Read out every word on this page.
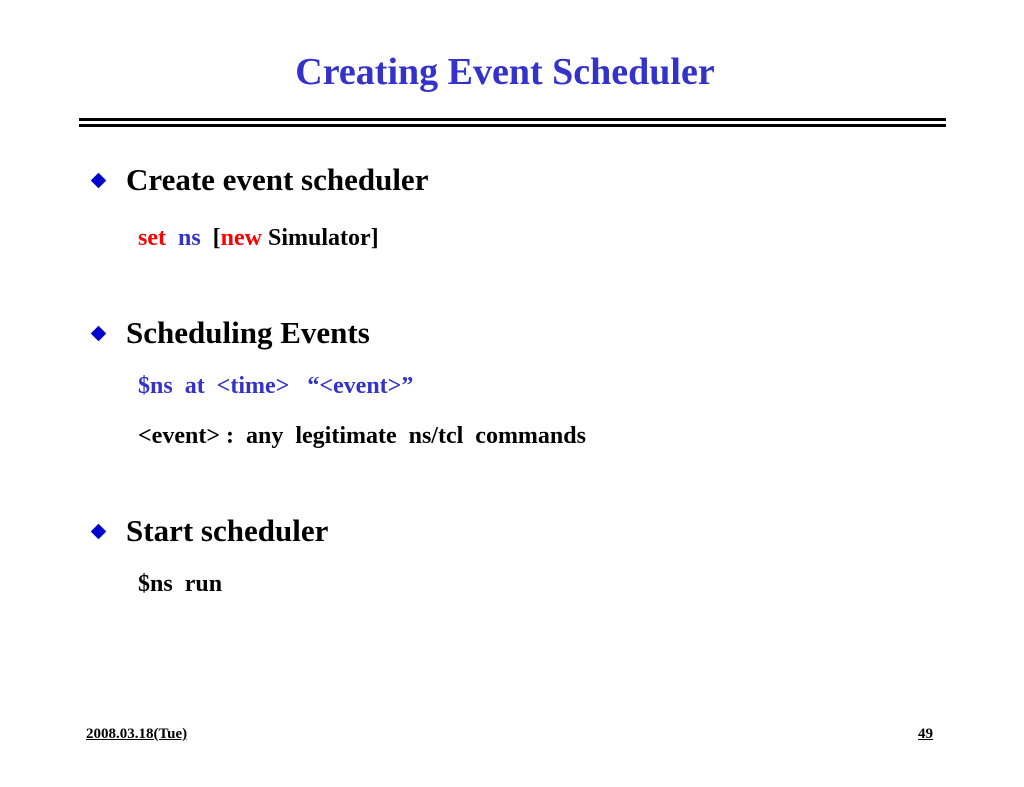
Creating Event Scheduler
Create event scheduler
set ns [new Simulator]
Scheduling Events
$ns  at  <time>   “<event>”
<event> :  any  legitimate  ns/tcl  commands
Start scheduler
$ns  run
2008.03.18(Tue)	49
